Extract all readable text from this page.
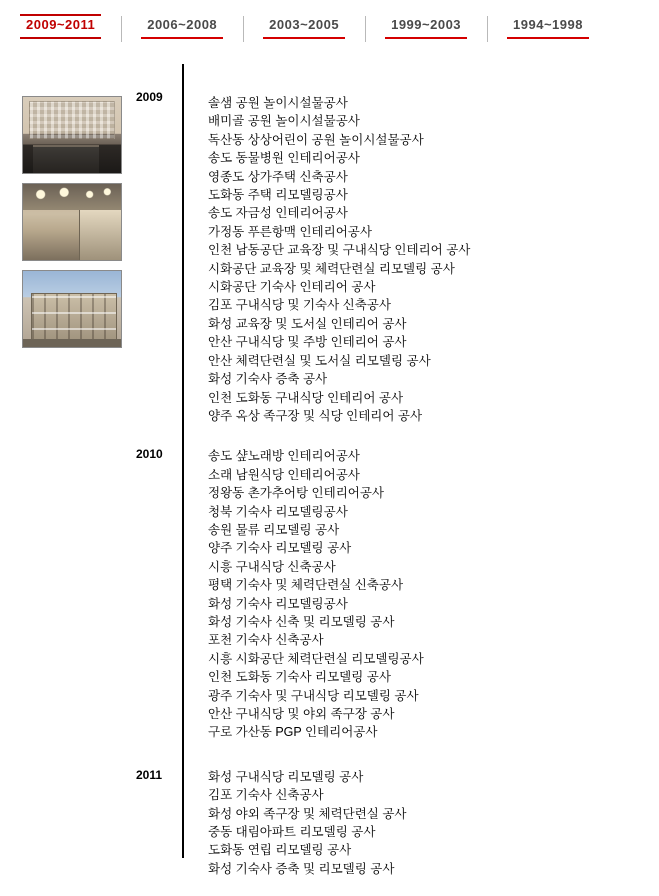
2009~2011	2006~2008	2003~2005	1999~2003	1994~1998
2009	솔샘 공원 놀이시설물공사
배미골 공원 놀이시설물공사
독산동 상상어린이 공원 놀이시설물공사
송도 동물병원 인테리어공사
영종도 상가주택 신축공사
도화동 주택 리모델링공사
송도 자금성 인테리어공사
가정동 푸른항맥 인테리어공사
인천 남동공단 교육장 및 구내식당 인테리어 공사
시화공단 교육장 및 체력단련실 리모델링 공사
시화공단 기숙사 인테리어 공사
김포 구내식당 및 기숙사 신축공사
화성 교육장 및 도서실 인테리어 공사
안산 구내식당 및 주방 인테리어 공사
안산 체력단련실 및 도서실 리모델링 공사
화성 기숙사 증축 공사
인천 도화동 구내식당 인테리어 공사
양주 옥상 족구장 및 식당 인테리어 공사
2010	송도 샾노래방 인테리어공사
소래 남원식당 인테리어공사
정왕동 촌가추어탕 인테리어공사
청북 기숙사 리모델링공사
송원 물류 리모델링 공사
양주 기숙사 리모델링 공사
시흥 구내식당 신축공사
평택 기숙사 및 체력단련실 신축공사
화성 기숙사 리모델링공사
화성 기숙사 신축 및 리모델링 공사
포천 기숙사 신축공사
시흥 시화공단 체력단련실 리모델링공사
인천 도화동 기숙사 리모델링 공사
광주 기숙사 및 구내식당 리모델링 공사
안산 구내식당 및 야외 족구장 공사
구로 가산동 PGP 인테리어공사
2011	화성 구내식당 리모델링 공사
김포 기숙사 신축공사
화성 야외 족구장 및 체력단련실 공사
중동 대림아파트 리모델링 공사
도화동 연립 리모델링 공사
화성 기숙사 증축 및 리모델링 공사
